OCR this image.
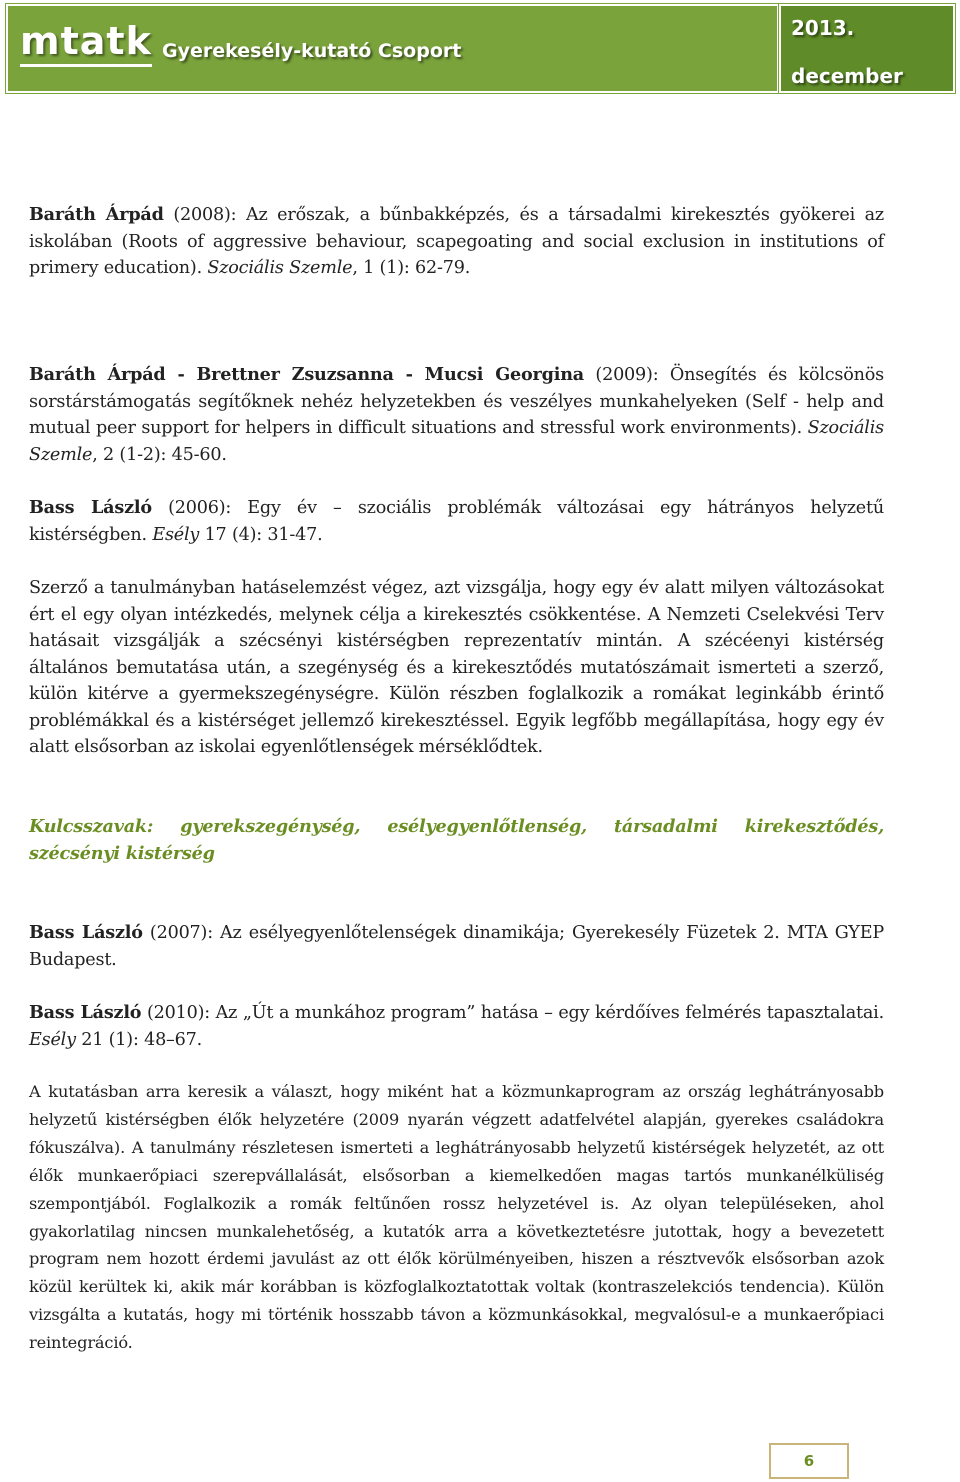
mtatk Gyerekesély-kutató Csoport
2013.
december
Baráth Árpád (2008): Az erőszak, a bűnbakképzés, és a társadalmi kirekesztés gyökerei az iskolában (Roots of aggressive behaviour, scapegoating and social exclusion in institutions of primery education). Szociális Szemle, 1 (1): 62-79.
Baráth Árpád - Brettner Zsuzsanna - Mucsi Georgina (2009): Önsegítés és kölcsönös sorstárstámogatás segítőknek nehéz helyzetekben és veszélyes munkahelyeken (Self - help and mutual peer support for helpers in difficult situations and stressful work environments). Szociális Szemle, 2 (1-2): 45-60.
Bass László (2006): Egy év – szociális problémák változásai egy hátrányos helyzetű kistérségben. Esély 17 (4): 31-47.
Szerző a tanulmányban hatáselemzést végez, azt vizsgálja, hogy egy év alatt milyen változásokat ért el egy olyan intézkedés, melynek célja a kirekesztés csökkentése. A Nemzeti Cselekvési Terv hatásait vizsgálják a szécsényi kistérségben reprezentatív mintán. A szécéenyi kistérség általános bemutatása után, a szegénység és a kirekesztődés mutatószámait ismerteti a szerző, külön kitérve a gyermekszegénységre. Külön részben foglalkozik a romákat leginkább érintő problémákkal és a kistérséget jellemző kirekesztéssel. Egyik legfőbb megállapítása, hogy egy év alatt elsősorban az iskolai egyenlőtlenségek mérséklődtek.
Kulcsszavak: gyerekszegénység, esélyegyenlőtlenség, társadalmi kirekesztődés, szécsényi kistérség
Bass László (2007): Az esélyegyenlőtelenségek dinamikája; Gyerekesély Füzetek 2. MTA GYEP Budapest.
Bass László (2010): Az „Út a munkához program” hatása – egy kérdőíves felmérés tapasztalatai. Esély 21 (1): 48–67.
A kutatásban arra keresik a választ, hogy miként hat a közmunkaprogram az ország leghátrányosabb helyzetű kistérségben élők helyzetére (2009 nyarán végzett adatfelvétel alapján, gyerekes családokra fókuszálva). A tanulmány részletesen ismerteti a leghátrányosabb helyzetű kistérségek helyzetét, az ott élők munkaerőpiaci szerepvállalását, elsősorban a kiemelkedően magas tartós munkanélküliség szempontjából. Foglalkozik a romák feltűnően rossz helyzetével is. Az olyan településeken, ahol gyakorlatilag nincsen munkalehetőség, a kutatók arra a következtetésre jutottak, hogy a bevezetett program nem hozott érdemi javulást az ott élők körülményeiben, hiszen a résztvevők elsősorban azok közül kerültek ki, akik már korábban is közfoglalkoztatottak voltak (kontraszelekciós tendencia). Külön vizsgálta a kutatás, hogy mi történik hosszabb távon a közmunkásokkal, megvalósul-e a munkaerőpiaci reintegráció.
6
